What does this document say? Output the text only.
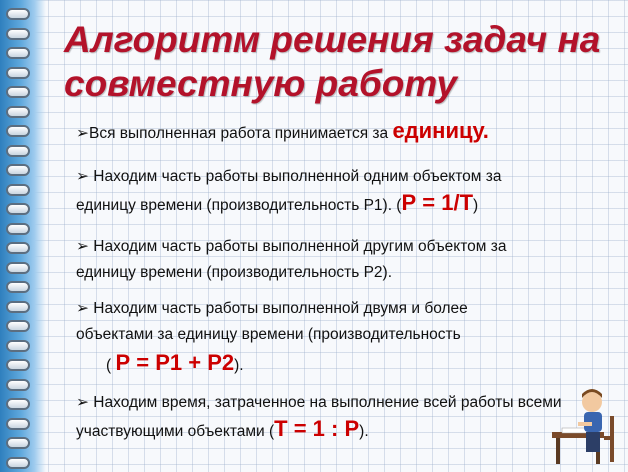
Алгоритм решения задач на совместную работу
➢Вся выполненная работа принимается за единицу.
➢ Находим часть работы выполненной одним объектом за единицу времени (производительность Р1). (Р = 1/Т)
➢ Находим часть работы выполненной другим объектом за единицу времени (производительность Р2).
➢ Находим часть работы выполненной двумя и более объектами за единицу времени (производительность
( Р = Р1 + Р2).
➢ Находим время, затраченное на выполнение всей работы всеми участвующими объектами (Т = 1 : Р).
